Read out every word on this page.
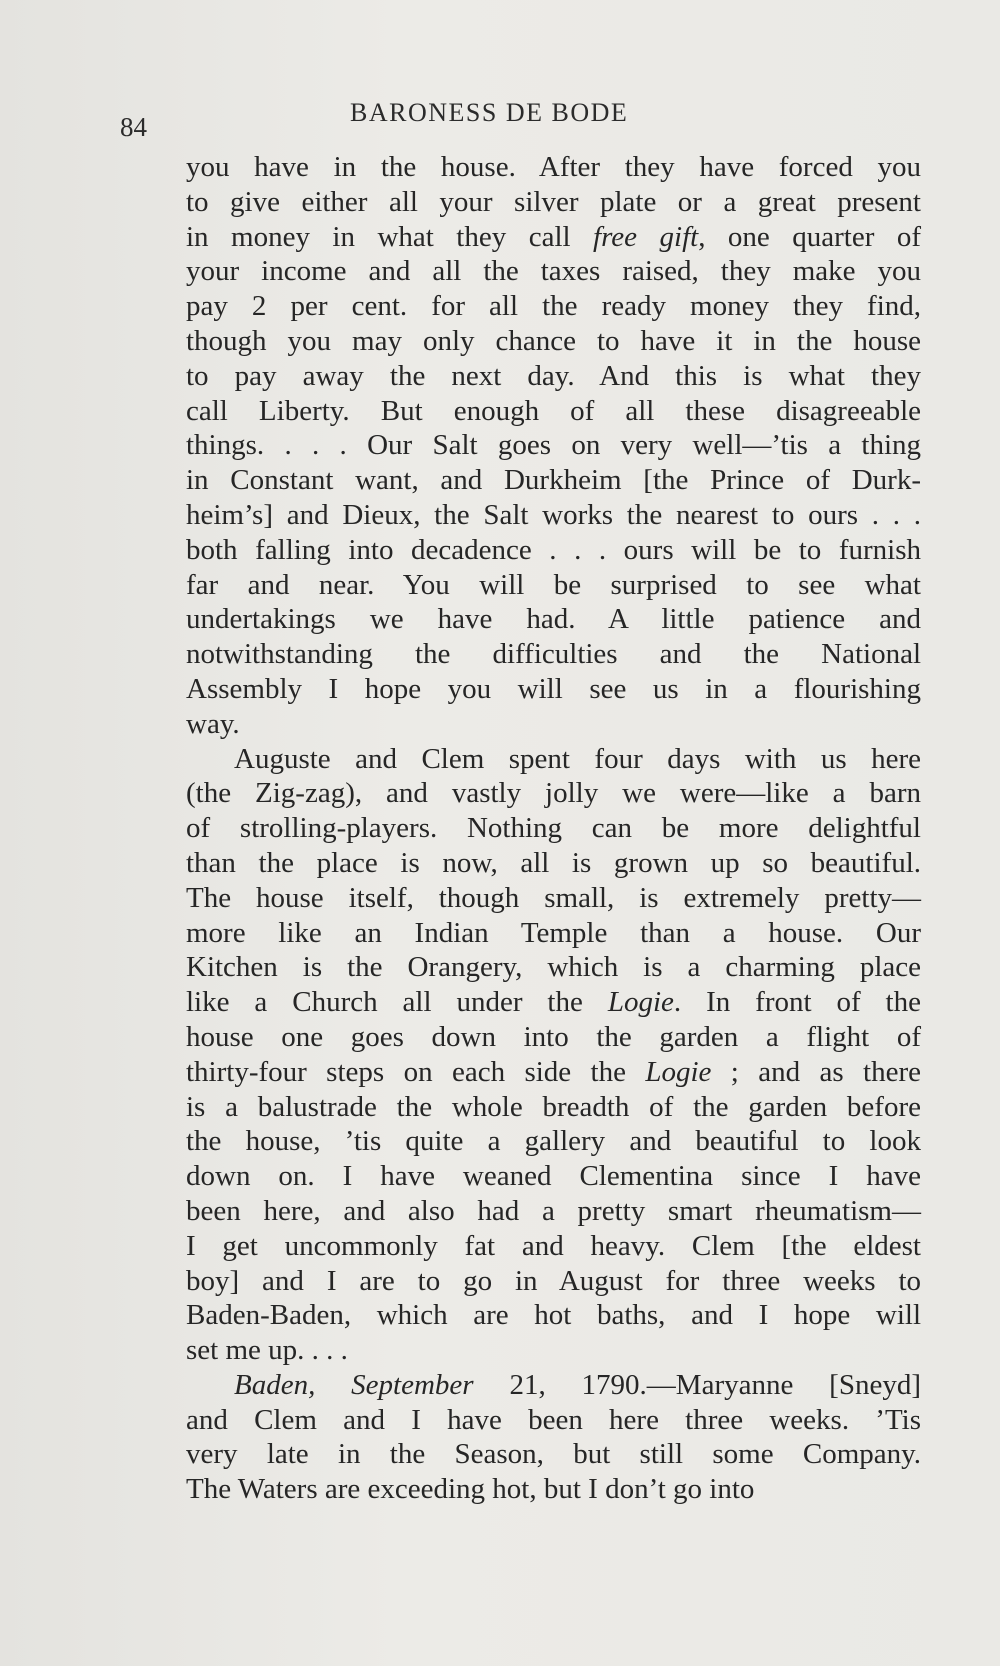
84	BARONESS DE BODE
you have in the house. After they have forced you
to give either all your silver plate or a great present
in money in what they call free gift, one quarter of
your income and all the taxes raised, they make you
pay 2 per cent. for all the ready money they find,
though you may only chance to have it in the house
to pay away the next day. And this is what they
call Liberty. But enough of all these disagreeable
things. . . . Our Salt goes on very well—’tis a thing
in Constant want, and Durkheim [the Prince of Durk-
heim’s] and Dieux, the Salt works the nearest to ours . . .
both falling into decadence . . . ours will be to furnish
far and near. You will be surprised to see what
undertakings we have had. A little patience and
notwithstanding the difficulties and the National
Assembly I hope you will see us in a flourishing
way.
Auguste and Clem spent four days with us here
(the Zig-zag), and vastly jolly we were—like a barn
of strolling-players. Nothing can be more delightful
than the place is now, all is grown up so beautiful.
The house itself, though small, is extremely pretty—
more like an Indian Temple than a house. Our
Kitchen is the Orangery, which is a charming place
like a Church all under the Logie. In front of the
house one goes down into the garden a flight of
thirty-four steps on each side the Logie ; and as there
is a balustrade the whole breadth of the garden before
the house, ’tis quite a gallery and beautiful to look
down on. I have weaned Clementina since I have
been here, and also had a pretty smart rheumatism—
I get uncommonly fat and heavy. Clem [the eldest
boy] and I are to go in August for three weeks to
Baden-Baden, which are hot baths, and I hope will
set me up. . . .
Baden, September 21, 1790.—Maryanne [Sneyd]
and Clem and I have been here three weeks. ’Tis
very late in the Season, but still some Company.
The Waters are exceeding hot, but I don’t go into
